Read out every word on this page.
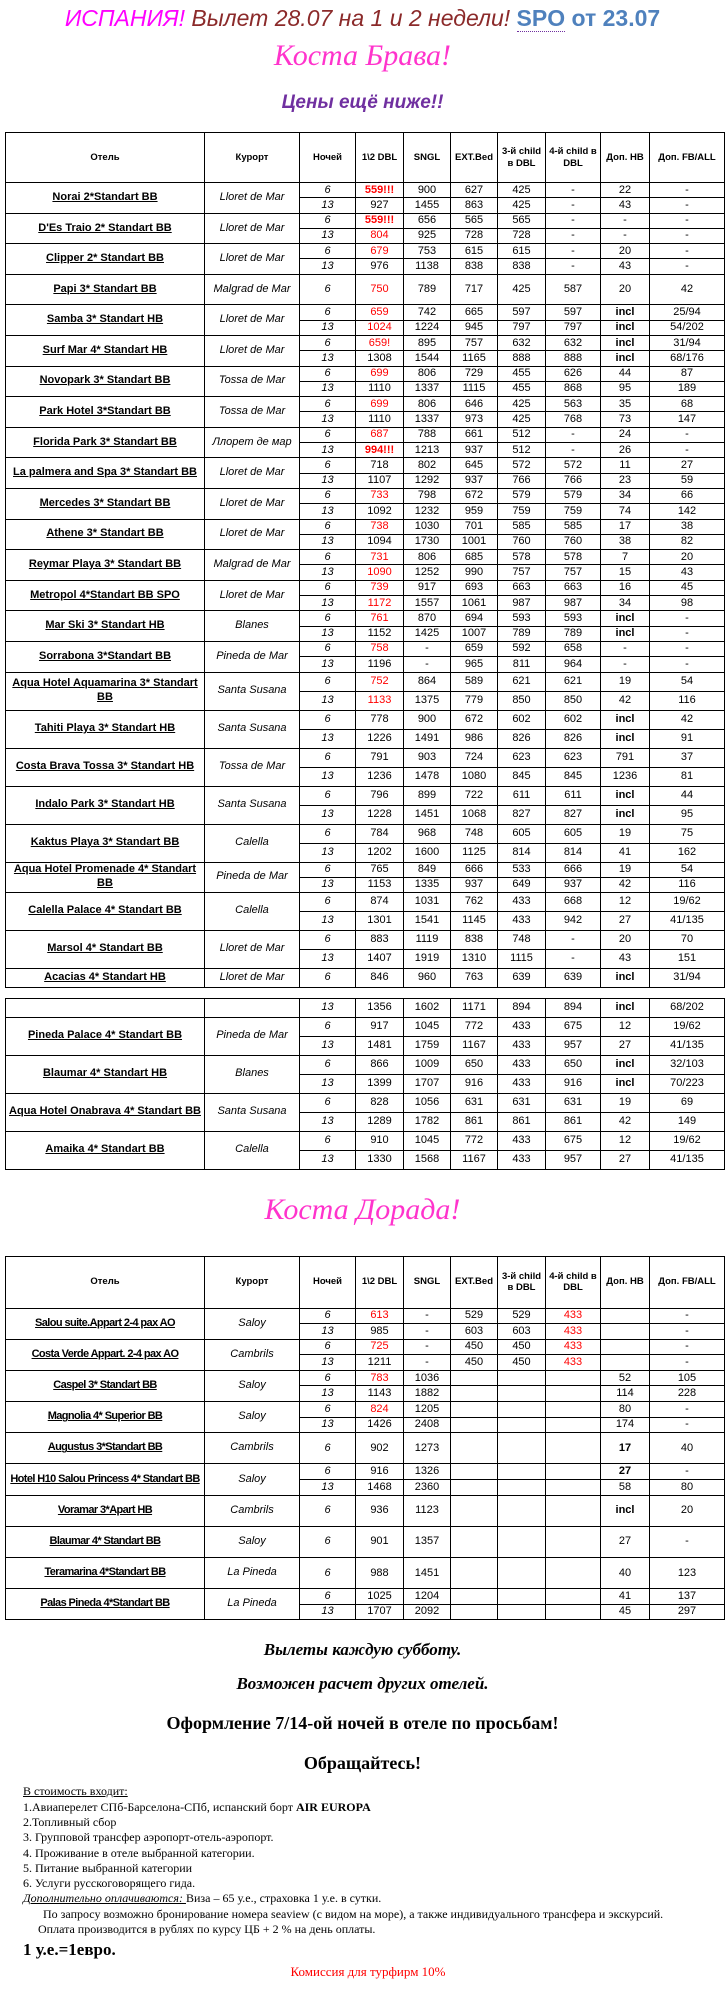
ИСПАНИЯ! Вылет 28.07 на 1 и 2 недели! SPO от 23.07
Коста Брава!
Цены ещё ниже!!
Отель	Курорт	Ночей	1\2 DBL	SNGL	EXT.Bed	3-й child в DBL	4-й child в DBL	Доп. HB	Доп. FB/ALL
Norai 2*Standart BB	Lloret de Mar	6	559!!!	900	627	425	-	22	-
		13	927	1455	863	425	-	43	-
D'Es Traio 2* Standart BB	Lloret de Mar	6	559!!!	656	565	565	-	-	-
		13	804	925	728	728	-	-	-
Clipper 2* Standart BB	Lloret de Mar	6	679	753	615	615	-	20	-
		13	976	1138	838	838	-	43	-
Papi 3* Standart BB	Malgrad de Mar	6	750	789	717	425	587	20	42
Samba 3* Standart HB	Lloret de Mar	6	659	742	665	597	597	incl	25/94
		13	1024	1224	945	797	797	incl	54/202
Surf Mar 4* Standart HB	Lloret de Mar	6	659!	895	757	632	632	incl	31/94
		13	1308	1544	1165	888	888	incl	68/176
Novopark 3* Standart BB	Tossa de Mar	6	699	806	729	455	626	44	87
		13	1110	1337	1115	455	868	95	189
Park Hotel 3*Standart BB	Tossa de Mar	6	699	806	646	425	563	35	68
		13	1110	1337	973	425	768	73	147
Florida Park 3* Standart BB	Ллорет де мар	6	687	788	661	512	-	24	-
		13	994!!!	1213	937	512	-	26	-
La palmera and Spa 3* Standart BB	Lloret de Mar	6	718	802	645	572	572	11	27
		13	1107	1292	937	766	766	23	59
Mercedes 3* Standart BB	Lloret de Mar	6	733	798	672	579	579	34	66
		13	1092	1232	959	759	759	74	142
Athene 3* Standart BB	Lloret de Mar	6	738	1030	701	585	585	17	38
		13	1094	1730	1001	760	760	38	82
Reymar Playa 3* Standart BB	Malgrad de Mar	6	731	806	685	578	578	7	20
		13	1090	1252	990	757	757	15	43
Metropol 4*Standart BB SPO	Lloret de Mar	6	739	917	693	663	663	16	45
		13	1172	1557	1061	987	987	34	98
Mar Ski 3* Standart HB	Blanes	6	761	870	694	593	593	incl	-
		13	1152	1425	1007	789	789	incl	-
Sorrabona 3*Standart BB	Pineda de Mar	6	758	-	659	592	658	-	-
		13	1196	-	965	811	964	-	-
Aqua Hotel Aquamarina 3* Standart BB	Santa Susana	6	752	864	589	621	621	19	54
		13	1133	1375	779	850	850	42	116
Tahiti Playa 3* Standart HB	Santa Susana	6	778	900	672	602	602	incl	42
		13	1226	1491	986	826	826	incl	91
Costa Brava Tossa 3* Standart HB	Tossa de Mar	6	791	903	724	623	623	791	37
		13	1236	1478	1080	845	845	1236	81
Indalo Park 3* Standart HB	Santa Susana	6	796	899	722	611	611	incl	44
		13	1228	1451	1068	827	827	incl	95
Kaktus Playa 3* Standart BB	Calella	6	784	968	748	605	605	19	75
		13	1202	1600	1125	814	814	41	162
Aqua Hotel Promenade 4* Standart BB	Pineda de Mar	6	765	849	666	533	666	19	54
		13	1153	1335	937	649	937	42	116
Calella Palace 4* Standart BB	Calella	6	874	1031	762	433	668	12	19/62
		13	1301	1541	1145	433	942	27	41/135
Marsol 4* Standart BB	Lloret de Mar	6	883	1119	838	748	-	20	70
		13	1407	1919	1310	1115	-	43	151
Acacias 4* Standart HB	Lloret de Mar	6	846	960	763	639	639	incl	31/94

		13	1356	1602	1171	894	894	incl	68/202
Pineda Palace 4* Standart BB	Pineda de Mar	6	917	1045	772	433	675	12	19/62
		13	1481	1759	1167	433	957	27	41/135
Blaumar 4* Standart HB	Blanes	6	866	1009	650	433	650	incl	32/103
		13	1399	1707	916	433	916	incl	70/223
Aqua Hotel Onabrava 4* Standart BB	Santa Susana	6	828	1056	631	631	631	19	69
		13	1289	1782	861	861	861	42	149
Amaika 4* Standart BB	Calella	6	910	1045	772	433	675	12	19/62
		13	1330	1568	1167	433	957	27	41/135
Коста Дорада!
Отель	Курорт	Ночей	1\2 DBL	SNGL	EXT.Bed	3-й child в DBL	4-й child в DBL	Доп. HB	Доп. FB/ALL
Salou suite.Appart 2-4 pax AO	Saloy	6	613	-	529	529	433		-
		13	985	-	603	603	433		-
Costa Verde Appart. 2-4 pax AO	Cambrils	6	725	-	450	450	433		-
		13	1211	-	450	450	433		-
Caspel 3* Standart BB	Saloy	6	783	1036				52	105
		13	1143	1882				114	228
Magnolia 4* Superior BB	Saloy	6	824	1205				80	-
		13	1426	2408				174	-
Augustus 3*Standart BB	Cambrils	6	902	1273				17	40
Hotel H10 Salou Princess 4* Standart BB	Saloy	6	916	1326				27	-
		13	1468	2360				58	80
Voramar 3*Apart HB	Cambrils	6	936	1123				incl	20
Blaumar 4* Standart BB	Saloy	6	901	1357				27	-
Teramarina 4*Standart BB	La Pineda	6	988	1451				40	123
Palas Pineda 4*Standart BB	La Pineda	6	1025	1204				41	137
		13	1707	2092				45	297
Вылеты каждую субботу.
Возможен расчет других отелей.
Оформление 7/14-ой ночей в отеле по просьбам!
Обращайтесь!
В стоимость входит:
1.Авиаперелет СПб-Барселона-СПб, испанский борт AIR EUROPA
2.Топливный сбор
3. Групповой трансфер аэропорт-отель-аэропорт.
4. Проживание в отеле выбранной категории.
5. Питание выбранной категории
6. Услуги русскоговорящего гида.
Дополнительно оплачиваются: Виза – 65 у.е., страховка 1 у.е. в сутки.
По запросу возможно бронирование номера seaview (с видом на море), а также индивидуального трансфера и экскурсий.
Оплата производится в рублях по курсу ЦБ + 2 % на день оплаты.
1 у.е.=1евро.
Комиссия для турфирм 10%
